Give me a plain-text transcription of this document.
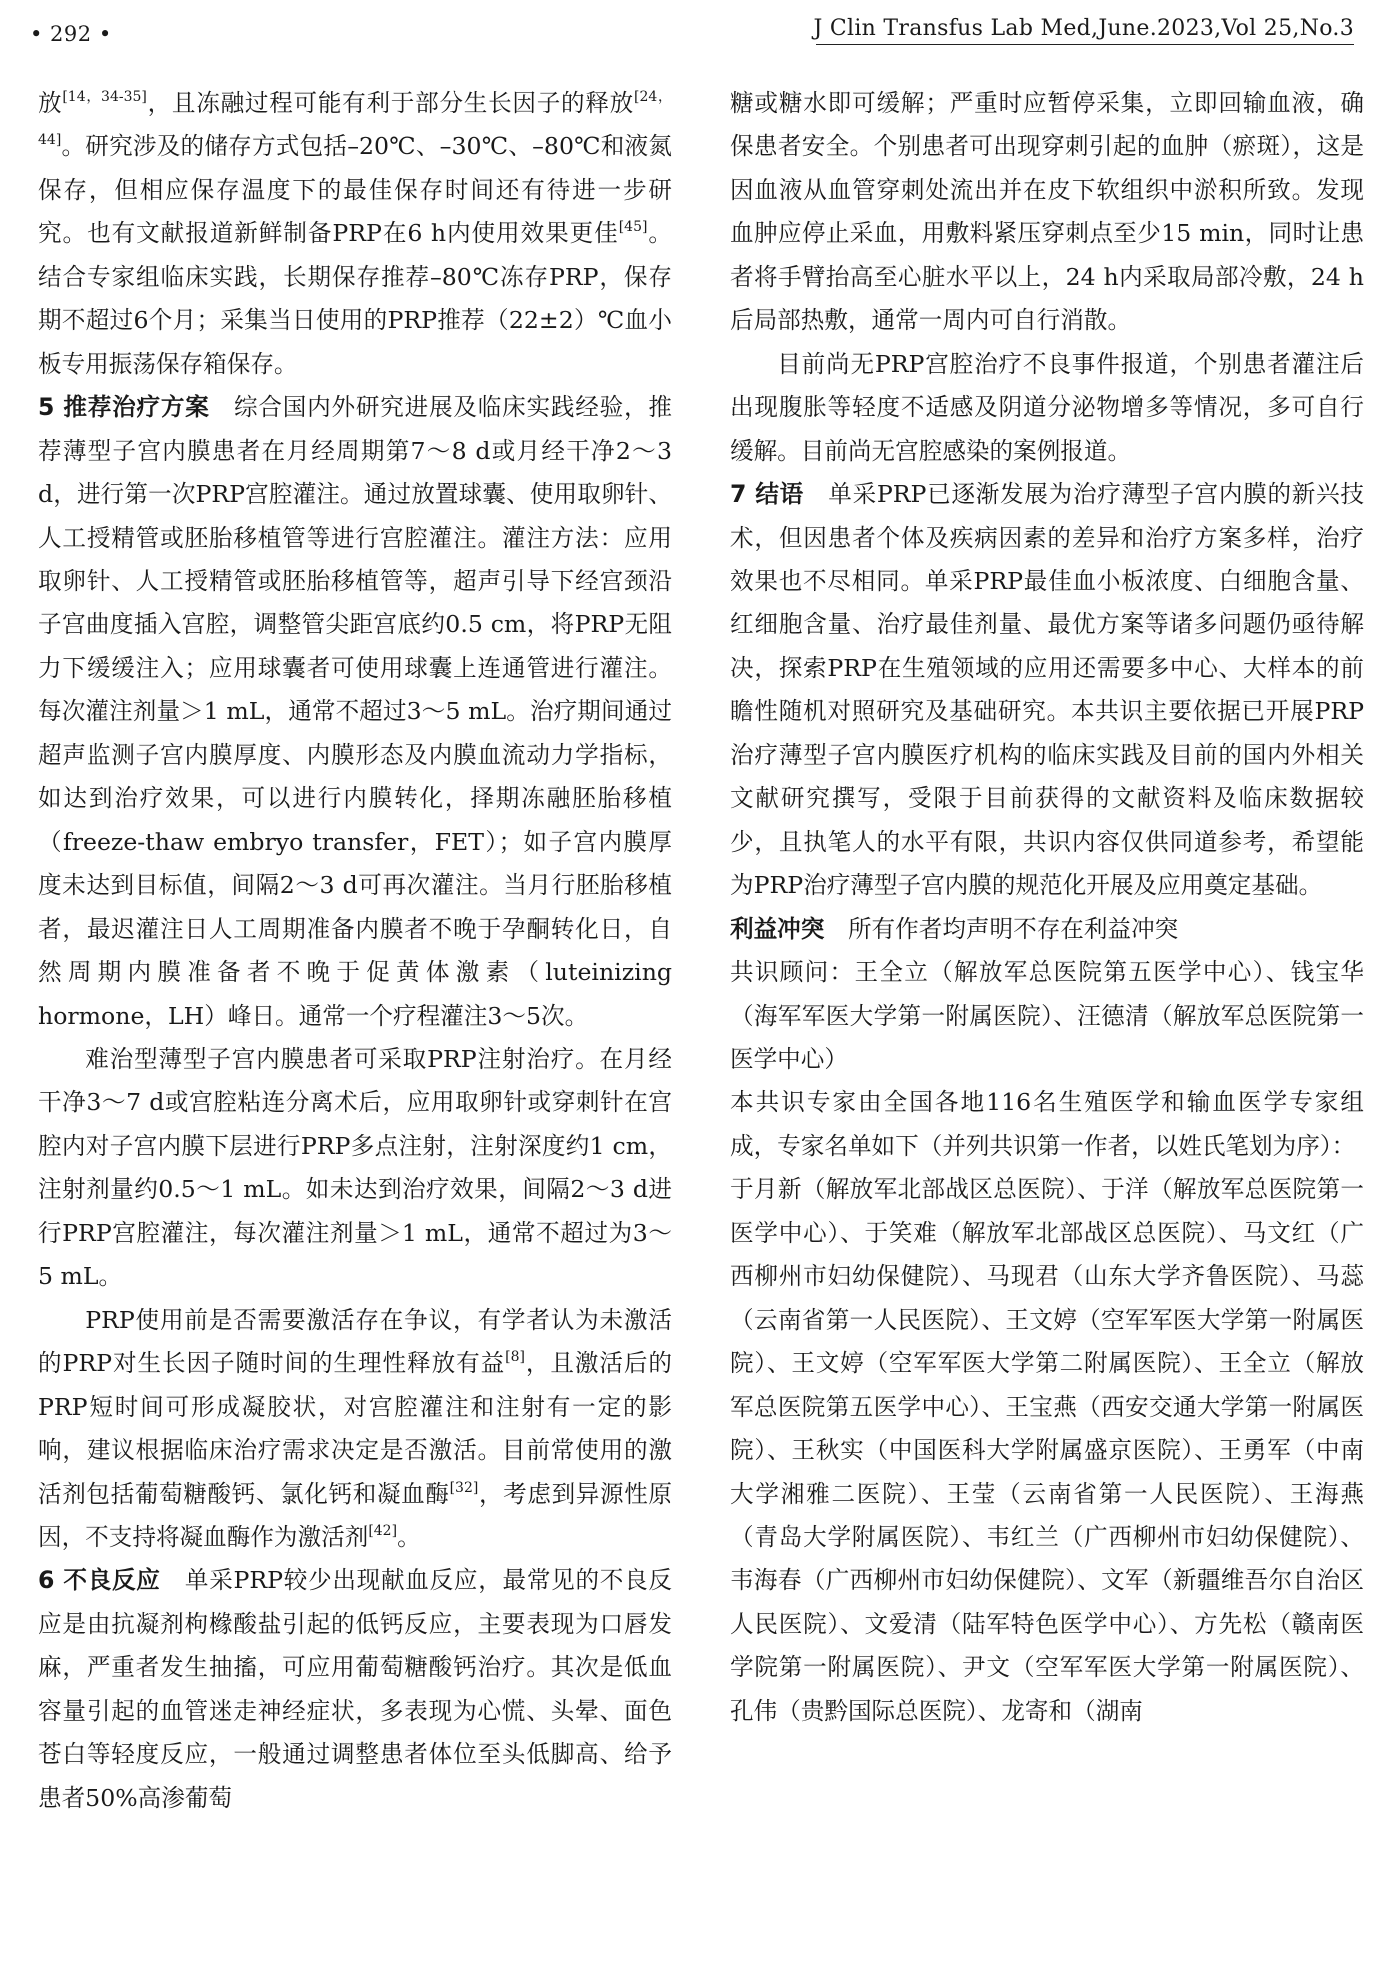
• 292 •	J Clin Transfus Lab Med,June.2023,Vol 25,No.3

放[14，34-35]，且冻融过程可能有利于部分生长因子的释放[24，44]。研究涉及的储存方式包括–20℃、–30℃、–80℃和液氮保存，但相应保存温度下的最佳保存时间还有待进一步研究。也有文献报道新鲜制备PRP在6 h内使用效果更佳[45]。结合专家组临床实践，长期保存推荐–80℃冻存PRP，保存期不超过6个月；采集当日使用的PRP推荐（22±2）℃血小板专用振荡保存箱保存。

5 推荐治疗方案　综合国内外研究进展及临床实践经验，推荐薄型子宫内膜患者在月经周期第7～8 d或月经干净2～3 d，进行第一次PRP宫腔灌注。通过放置球囊、使用取卵针、人工授精管或胚胎移植管等进行宫腔灌注。灌注方法：应用取卵针、人工授精管或胚胎移植管等，超声引导下经宫颈沿子宫曲度插入宫腔，调整管尖距宫底约0.5 cm，将PRP无阻力下缓缓注入；应用球囊者可使用球囊上连通管进行灌注。每次灌注剂量＞1 mL，通常不超过3～5 mL。治疗期间通过超声监测子宫内膜厚度、内膜形态及内膜血流动力学指标，如达到治疗效果，可以进行内膜转化，择期冻融胚胎移植（freeze-thaw embryo transfer，FET）；如子宫内膜厚度未达到目标值，间隔2～3 d可再次灌注。当月行胚胎移植者，最迟灌注日人工周期准备内膜者不晚于孕酮转化日，自然周期内膜准备者不晚于促黄体激素（luteinizing hormone，LH）峰日。通常一个疗程灌注3～5次。

难治型薄型子宫内膜患者可采取PRP注射治疗。在月经干净3～7 d或宫腔粘连分离术后，应用取卵针或穿刺针在宫腔内对子宫内膜下层进行PRP多点注射，注射深度约1 cm，注射剂量约0.5～1 mL。如未达到治疗效果，间隔2～3 d进行PRP宫腔灌注，每次灌注剂量＞1 mL，通常不超过为3～5 mL。

PRP使用前是否需要激活存在争议，有学者认为未激活的PRP对生长因子随时间的生理性释放有益[8]，且激活后的PRP短时间可形成凝胶状，对宫腔灌注和注射有一定的影响，建议根据临床治疗需求决定是否激活。目前常使用的激活剂包括葡萄糖酸钙、氯化钙和凝血酶[32]，考虑到异源性原因，不支持将凝血酶作为激活剂[42]。

6 不良反应　单采PRP较少出现献血反应，最常见的不良反应是由抗凝剂枸橼酸盐引起的低钙反应，主要表现为口唇发麻，严重者发生抽搐，可应用葡萄糖酸钙治疗。其次是低血容量引起的血管迷走神经症状，多表现为心慌、头晕、面色苍白等轻度反应，一般通过调整患者体位至头低脚高、给予患者50%高渗葡萄

糖或糖水即可缓解；严重时应暂停采集，立即回输血液，确保患者安全。个别患者可出现穿刺引起的血肿（瘀斑），这是因血液从血管穿刺处流出并在皮下软组织中淤积所致。发现血肿应停止采血，用敷料紧压穿刺点至少15 min，同时让患者将手臂抬高至心脏水平以上，24 h内采取局部冷敷，24 h后局部热敷，通常一周内可自行消散。

目前尚无PRP宫腔治疗不良事件报道，个别患者灌注后出现腹胀等轻度不适感及阴道分泌物增多等情况，多可自行缓解。目前尚无宫腔感染的案例报道。

7 结语　单采PRP已逐渐发展为治疗薄型子宫内膜的新兴技术，但因患者个体及疾病因素的差异和治疗方案多样，治疗效果也不尽相同。单采PRP最佳血小板浓度、白细胞含量、红细胞含量、治疗最佳剂量、最优方案等诸多问题仍亟待解决，探索PRP在生殖领域的应用还需要多中心、大样本的前瞻性随机对照研究及基础研究。本共识主要依据已开展PRP治疗薄型子宫内膜医疗机构的临床实践及目前的国内外相关文献研究撰写，受限于目前获得的文献资料及临床数据较少，且执笔人的水平有限，共识内容仅供同道参考，希望能为PRP治疗薄型子宫内膜的规范化开展及应用奠定基础。

利益冲突　所有作者均声明不存在利益冲突

共识顾问：王全立（解放军总医院第五医学中心）、钱宝华（海军军医大学第一附属医院）、汪德清（解放军总医院第一医学中心）

本共识专家由全国各地116名生殖医学和输血医学专家组成，专家名单如下（并列共识第一作者，以姓氏笔划为序）：

于月新（解放军北部战区总医院）、于洋（解放军总医院第一医学中心）、于笑难（解放军北部战区总医院）、马文红（广西柳州市妇幼保健院）、马现君（山东大学齐鲁医院）、马蕊（云南省第一人民医院）、王文婷（空军军医大学第一附属医院）、王文婷（空军军医大学第二附属医院）、王全立（解放军总医院第五医学中心）、王宝燕（西安交通大学第一附属医院）、王秋实（中国医科大学附属盛京医院）、王勇军（中南大学湘雅二医院）、王莹（云南省第一人民医院）、王海燕（青岛大学附属医院）、韦红兰（广西柳州市妇幼保健院）、韦海春（广西柳州市妇幼保健院）、文军（新疆维吾尔自治区人民医院）、文爱清（陆军特色医学中心）、方先松（赣南医学院第一附属医院）、尹文（空军军医大学第一附属医院）、孔伟（贵黔国际总医院）、龙寄和（湖南
